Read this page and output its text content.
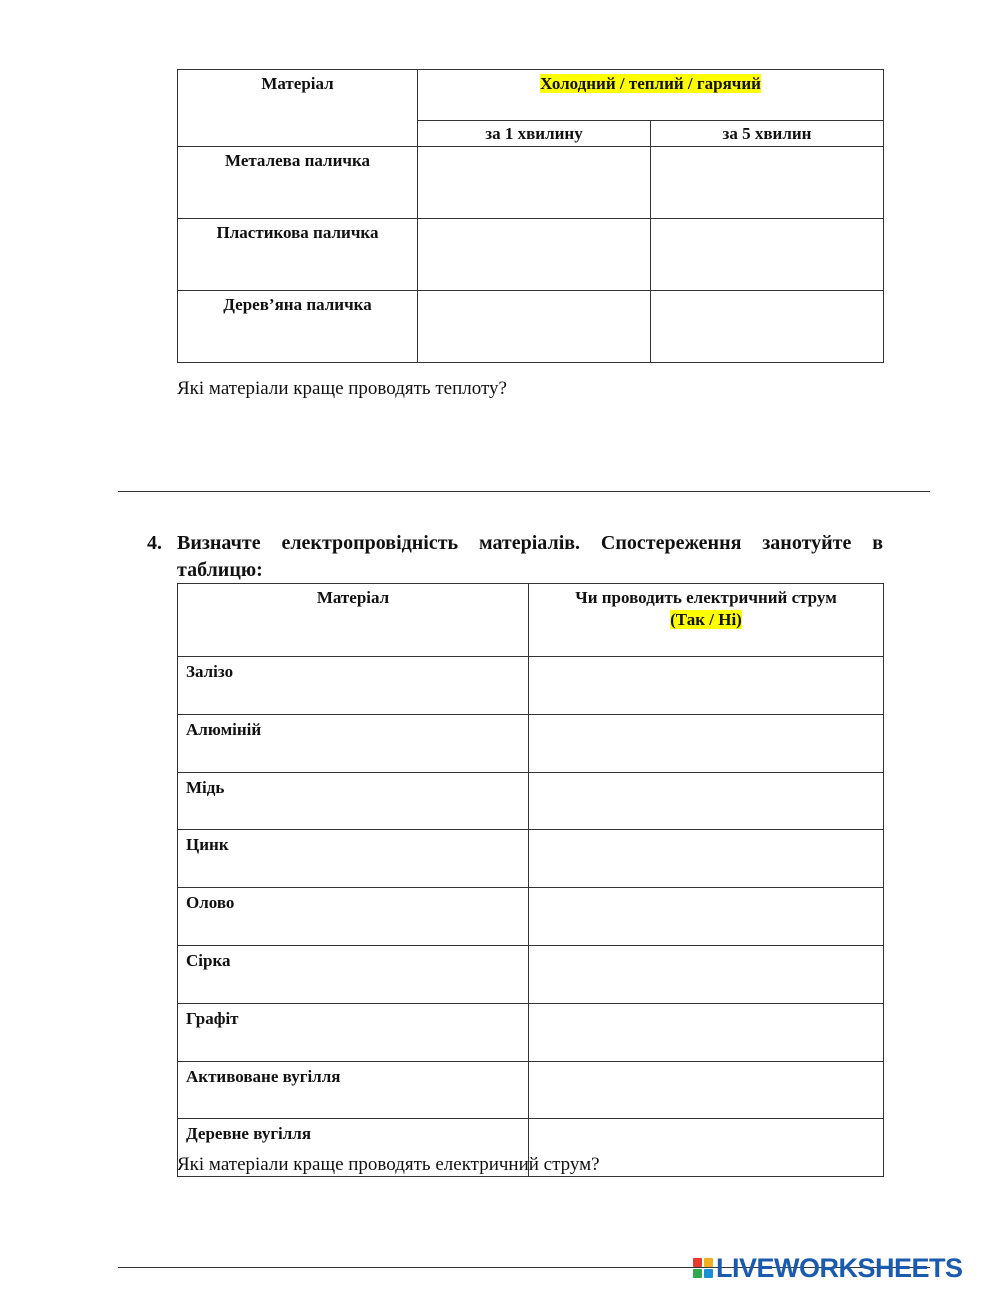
Матеріал	Холодний / теплий / гарячий	
	за 1 хвилину	за 5 хвилин
Металева паличка		
Пластикова паличка		
Дерев’яна паличка		
Які матеріали краще проводять теплоту?
4. Визначте електропровідність матеріалів. Спостереження занотуйте в таблицю:
Матеріал	Чи проводить електричний струм
(Так / Ні)

Залізо	
Алюміній	
Мідь	
Цинк	
Олово	
Сірка	
Графіт	
Активоване вугілля	
Деревне вугілля	
Які матеріали краще проводять електричний струм?
LIVEWORKSHEETS
